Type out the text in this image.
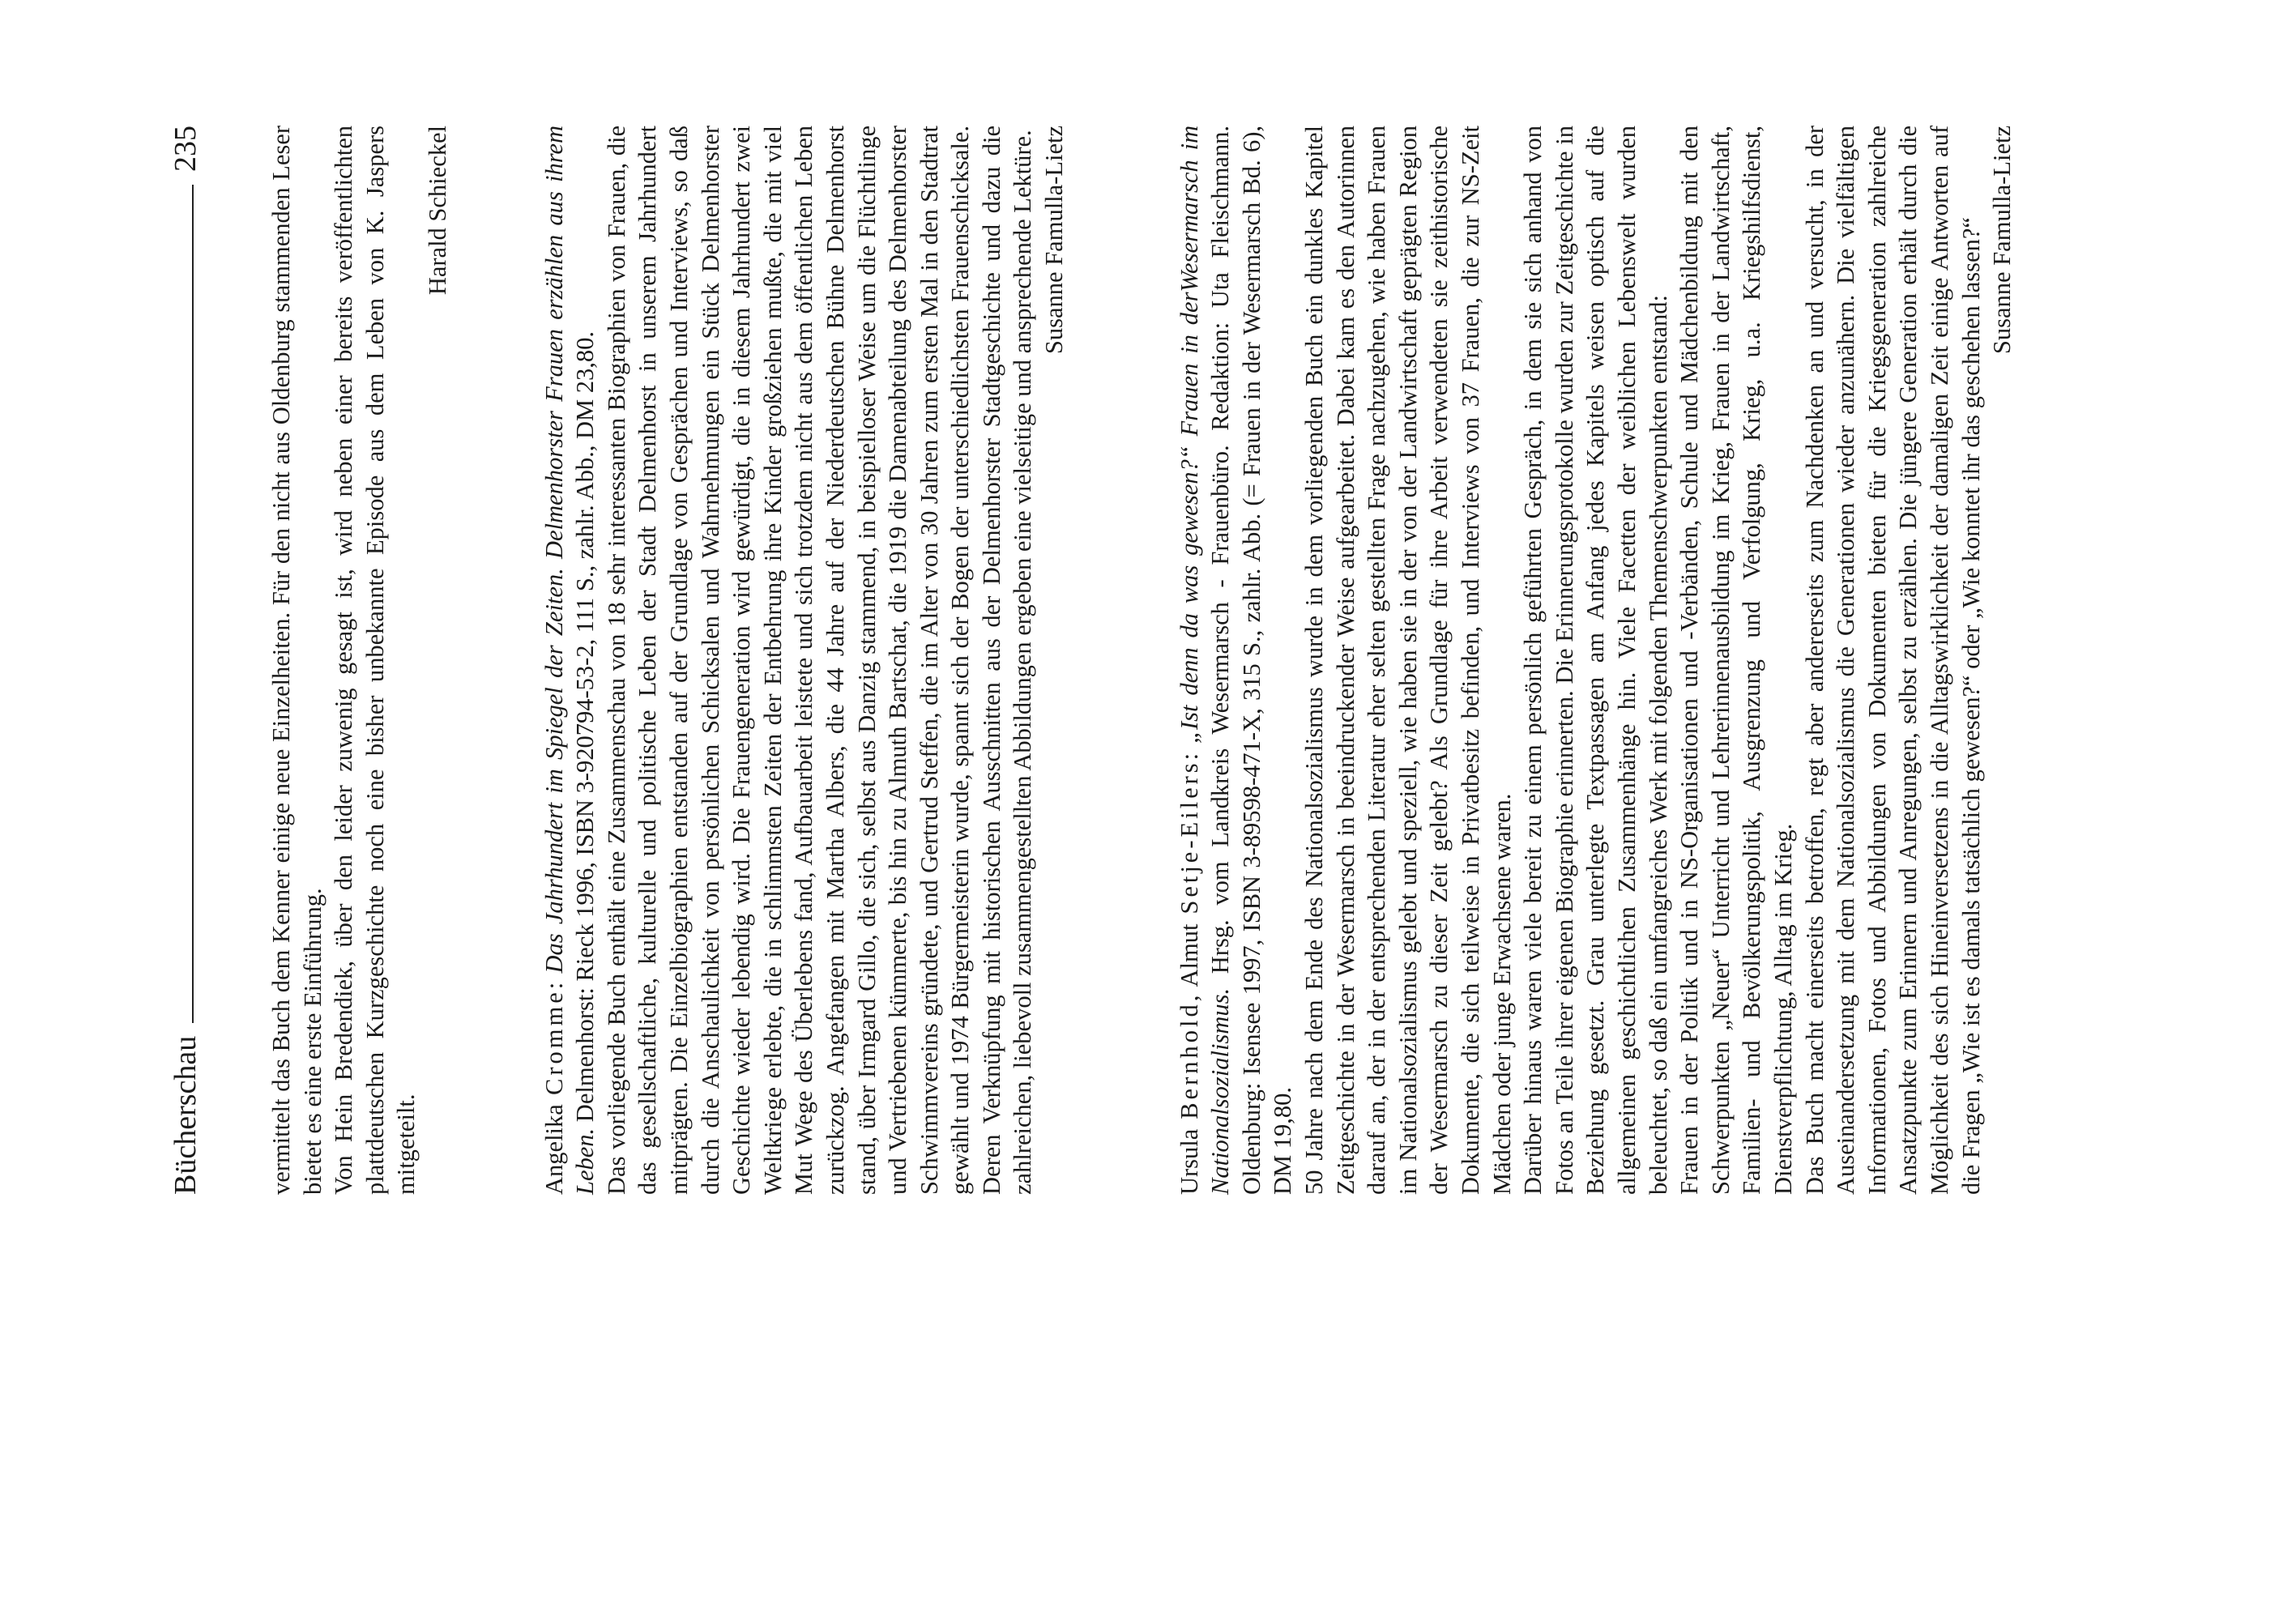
Bücherschau
235	vermittelt das Buch dem Kenner einige neue Einzelheiten. Für den nicht aus Oldenburg stammenden Leser bietet es eine erste Einführung. Von Hein Bredendiek, über den leider zuwenig gesagt ist, wird neben einer bereits veröffentlichten plattdeutschen Kurzgeschichte noch eine bisher unbekannte Episode aus dem Leben von K. Jaspers mitgeteilt.

Harald Schieckel

Angelika Cromme: Das Jahrhundert im Spiegel der Zeiten. Delmenhorster Frauen erzählen aus ihrem Leben. Delmenhorst: Rieck 1996, ISBN 3-920794-53-2, 111 S., zahlr. Abb., DM 23,80. Das vorliegende Buch enthält eine Zusammenschau von 18 sehr interessanten Biographien von Frauen, die das gesellschaftliche, kulturelle und politische Leben der Stadt Delmenhorst in unserem Jahrhundert mitprägten. Die Einzelbiographien entstanden auf der Grundlage von Gesprächen und Interviews, so daß durch die Anschaulichkeit von persönlichen Schicksalen und Wahrnehmungen ein Stück Delmenhorster Geschichte wieder lebendig wird. Die Frauengeneration wird gewürdigt, die in diesem Jahrhundert zwei Weltkriege erlebte, die in schlimmsten Zeiten der Entbehrung ihre Kinder großziehen mußte, die mit viel Mut Wege des Überlebens fand, Aufbauarbeit leistete und sich trotzdem nicht aus dem öffentlichen Leben zurückzog. Angefangen mit Martha Albers, die 44 Jahre auf der Niederdeutschen Bühne Delmenhorst stand, über Irmgard Gillo, die sich, selbst aus Danzig stammend, in beispielloser Weise um die Flüchtlinge und Vertriebenen kümmerte, bis hin zu Almuth Bartschat, die 1919 die Damenabteilung des Delmenhorster Schwimmvereins gründete, und Gertrud Steffen, die im Alter von 30 Jahren zum ersten Mal in den Stadtrat gewählt und 1974 Bürgermeisterin wurde, spannt sich der Bogen der unterschiedlichsten Frauenschicksale. Deren Verknüpfung mit historischen Ausschnitten aus der Delmenhorster Stadtgeschichte und dazu die zahlreichen, liebevoll zusammengestellten Abbildungen ergeben eine vielseitige und ansprechende Lektüre. Susanne Famulla-Lietz

Ursula Bernhold, Almut Setje-Eilers: „Ist denn da was gewesen?“ Frauen in derWesermarsch im Nationalsozialismus. Hrsg. vom Landkreis Wesermarsch - Frauenbüro. Redaktion: Uta Fleischmann. Oldenburg: Isensee 1997, ISBN 3-89598-471-X, 315 S., zahlr. Abb. (= Frauen in der Wesermarsch Bd. 6), DM 19,80. 50 Jahre nach dem Ende des Nationalsozialismus wurde in dem vorliegenden Buch ein dunkles Kapitel Zeitgeschichte in der Wesermarsch in beeindruckender Weise aufgearbeitet. Dabei kam es den Autorinnen darauf an, der in der entsprechenden Literatur eher selten gestellten Frage nachzugehen, wie haben Frauen im Nationalsozialismus gelebt und speziell, wie haben sie in der von der Landwirtschaft geprägten Region der Wesermarsch zu dieser Zeit gelebt? Als Grundlage für ihre Arbeit verwendeten sie zeithistorische Dokumente, die sich teilweise in Privatbesitz befinden, und Interviews von 37 Frauen, die zur NS-Zeit Mädchen oder junge Erwachsene waren. Darüber hinaus waren viele bereit zu einem persönlich geführten Gespräch, in dem sie sich anhand von Fotos an Teile ihrer eigenen Biographie erinnerten. Die Erinnerungsprotokolle wurden zur Zeitgeschichte in Beziehung gesetzt. Grau unterlegte Textpassagen am Anfang jedes Kapitels weisen optisch auf die allgemeinen geschichtlichen Zusammenhänge hin. Viele Facetten der weiblichen Lebenswelt wurden beleuchtet, so daß ein umfangreiches Werk mit folgenden Themenschwerpunkten entstand: Frauen in der Politik und in NS-Organisationen und -Verbänden, Schule und Mädchenbildung mit den Schwerpunkten „Neuer“ Unterricht und Lehrerinnenausbildung im Krieg, Frauen in der Landwirtschaft, Familien- und Bevölkerungspolitik, Ausgrenzung und Verfolgung, Krieg, u.a. Kriegshilfsdienst, Dienstverpflichtung, Alltag im Krieg. Das Buch macht einerseits betroffen, regt aber andererseits zum Nachdenken an und versucht, in der Auseinandersetzung mit dem Nationalsozialismus die Generationen wieder anzunähern. Die vielfältigen Informationen, Fotos und Abbildungen von Dokumenten bieten für die Kriegsgeneration zahlreiche Ansatzpunkte zum Erinnern und Anregungen, selbst zu erzählen. Die jüngere Generation erhält durch die Möglichkeit des sich Hineinversetzens in die Alltagswirklichkeit der damaligen Zeit einige Antworten auf die Fragen „Wie ist es damals tatsächlich gewesen?“ oder „Wie konntet ihr das geschehen lassen?“ Susanne Famulla-Lietz
